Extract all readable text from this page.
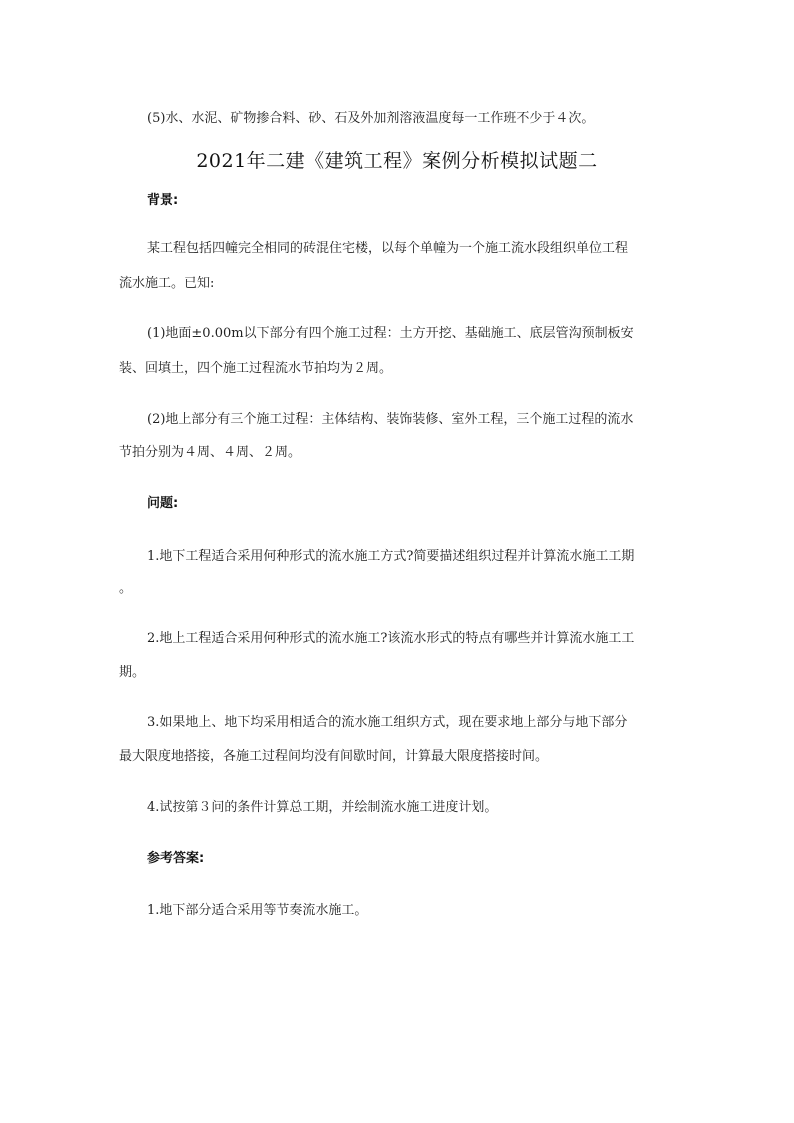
(5)水、水泥、矿物掺合料、砂、石及外加剂溶液温度每一工作班不少于４次。
2021年二建《建筑工程》案例分析模拟试题二
背景:
某工程包括四幢完全相同的砖混住宅楼，以每个单幢为一个施工流水段组织单位工程
流水施工。已知:
(1)地面±0.00m以下部分有四个施工过程：土方开挖、基础施工、底层管沟预制板安
装、回填土，四个施工过程流水节拍均为２周。
(2)地上部分有三个施工过程：主体结构、装饰装修、室外工程，三个施工过程的流水
节拍分别为４周、４周、２周。
问题:
1.地下工程适合采用何种形式的流水施工方式?简要描述组织过程并计算流水施工工期
。
2.地上工程适合采用何种形式的流水施工?该流水形式的特点有哪些并计算流水施工工
期。
3.如果地上、地下均采用相适合的流水施工组织方式，现在要求地上部分与地下部分
最大限度地搭接，各施工过程间均没有间歇时间，计算最大限度搭接时间。
4.试按第３问的条件计算总工期，并绘制流水施工进度计划。
参考答案:
1.地下部分适合采用等节奏流水施工。
